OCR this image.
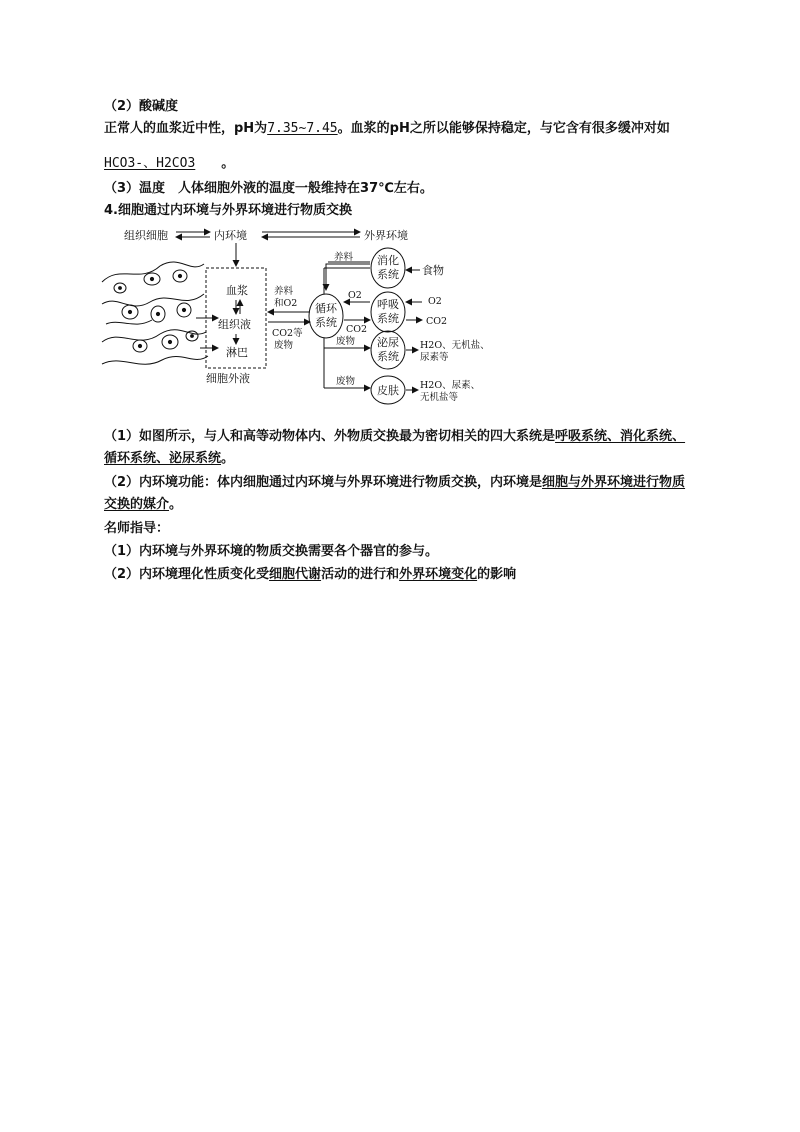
（2）酸碱度
正常人的血浆近中性，pH为7.35~7.45。血浆的pH之所以能够保持稳定，与它含有很多缓冲对如
HCO3-、H2CO3 。
（3）温度　人体细胞外液的温度一般维持在37℃左右。
4.细胞通过内环境与外界环境进行物质交换
组织细胞	内环境	外界环境
血浆
组织液
淋巴
细胞外液
养料
和O2
CO2等
废物
循环
系统
养料 消化
系统 食物
呼吸
系统
O2
CO2
O2
CO2
废物 泌尿
系统
H2O、无机盐、
尿素等
废物
皮肤 H2O、尿素、
无机盐等
（1）如图所示，与人和高等动物体内、外物质交换最为密切相关的四大系统是呼吸系统、消化系统、
循环系统、泌尿系统。
（2）内环境功能：体内细胞通过内环境与外界环境进行物质交换，内环境是细胞与外界环境进行物质
交换的媒介。
名师指导：
（1）内环境与外界环境的物质交换需要各个器官的参与。
（2）内环境理化性质变化受细胞代谢活动的进行和外界环境变化的影响
